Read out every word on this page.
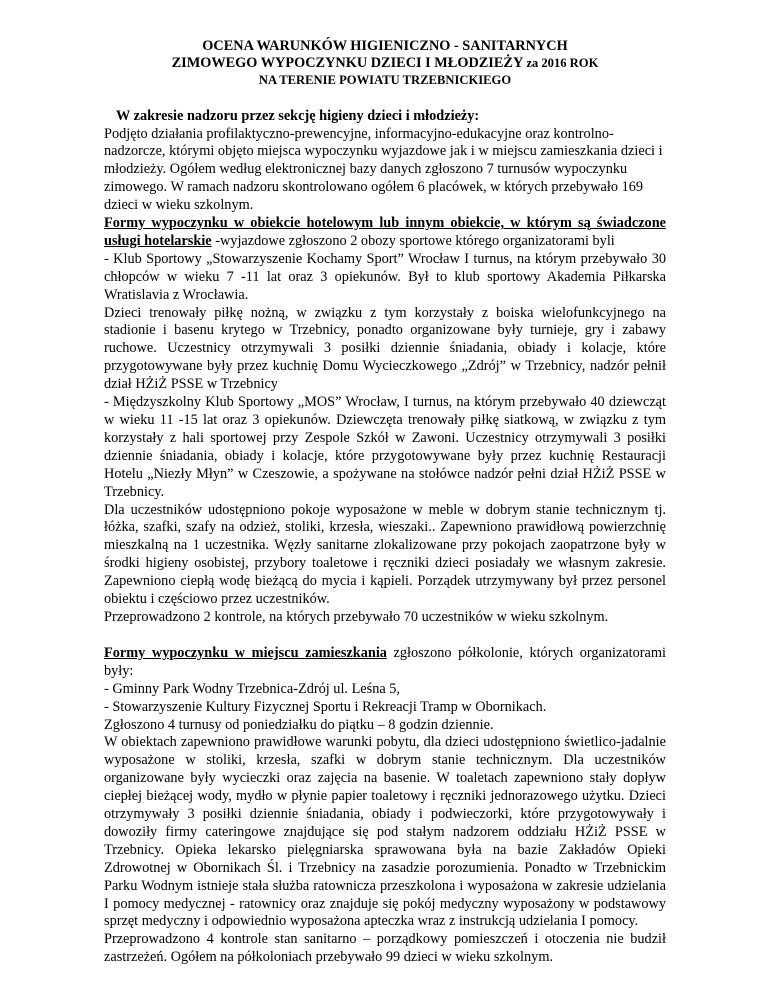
OCENA WARUNKÓW HIGIENICZNO - SANITARNYCH
ZIMOWEGO WYPOCZYNKU DZIECI I MŁODZIEŻY za 2016 ROK
NA TERENIE POWIATU TRZEBNICKIEGO

W zakresie nadzoru przez sekcję higieny dzieci i młodzieży:

Podjęto działania profilaktyczno-prewencyjne, informacyjno-edukacyjne oraz kontrolno-nadzorcze, którymi objęto miejsca wypoczynku wyjazdowe jak i w miejscu zamieszkania dzieci i młodzieży. Ogółem według elektronicznej bazy danych zgłoszono 7 turnusów wypoczynku zimowego. W ramach nadzoru skontrolowano ogółem 6 placówek, w których przebywało 169 dzieci w wieku szkolnym.

Formy wypoczynku w obiekcie hotelowym lub innym obiekcie, w którym są świadczone usługi hotelarskie -wyjazdowe zgłoszono 2 obozy sportowe którego organizatorami byli

- Klub Sportowy „Stowarzyszenie Kochamy Sport” Wrocław I turnus, na którym przebywało 30 chłopców w wieku 7 -11 lat oraz 3 opiekunów. Był to klub sportowy Akademia Piłkarska Wratislavia z Wrocławia.

Dzieci trenowały piłkę nożną, w związku z tym korzystały z boiska wielofunkcyjnego na stadionie i basenu krytego w Trzebnicy, ponadto organizowane były turnieje, gry i zabawy ruchowe. Uczestnicy otrzymywali 3 posiłki dziennie śniadania, obiady i kolacje, które przygotowywane były przez kuchnię Domu Wycieczkowego „Zdrój” w Trzebnicy, nadzór pełnił dział HŻiŻ PSSE w Trzebnicy

- Międzyszkolny Klub Sportowy „MOS” Wrocław, I turnus, na którym przebywało 40 dziewcząt w wieku 11 -15 lat oraz 3 opiekunów. Dziewczęta trenowały piłkę siatkową, w związku z tym korzystały z hali sportowej przy Zespole Szkół w Zawoni. Uczestnicy otrzymywali 3 posiłki dziennie śniadania, obiady i kolacje, które przygotowywane były przez kuchnię Restauracji Hotelu „Niezły Młyn” w Czeszowie, a spożywane na stołówce nadzór pełni dział HŻiŻ PSSE w Trzebnicy.

Dla uczestników udostępniono pokoje wyposażone w meble w dobrym stanie technicznym tj. łóżka, szafki, szafy na odzież, stoliki, krzesła, wieszaki.. Zapewniono prawidłową powierzchnię mieszkalną na 1 uczestnika. Węzły sanitarne zlokalizowane przy pokojach zaopatrzone były w środki higieny osobistej, przybory toaletowe i ręczniki dzieci posiadały we własnym zakresie. Zapewniono ciepłą wodę bieżącą do mycia i kąpieli. Porządek utrzymywany był przez personel obiektu i częściowo przez uczestników.

Przeprowadzono 2 kontrole, na których przebywało 70 uczestników w wieku szkolnym.

Formy wypoczynku w miejscu zamieszkania zgłoszono półkolonie, których organizatorami były:

- Gminny Park Wodny Trzebnica-Zdrój ul. Leśna 5,

- Stowarzyszenie Kultury Fizycznej Sportu i Rekreacji Tramp w Obornikach.

Zgłoszono 4 turnusy od poniedziałku do piątku – 8 godzin dziennie.

W obiektach zapewniono prawidłowe warunki pobytu, dla dzieci udostępniono świetlico-jadalnie wyposażone w stoliki, krzesła, szafki w dobrym stanie technicznym. Dla uczestników organizowane były wycieczki oraz zajęcia na basenie. W toaletach zapewniono stały dopływ ciepłej bieżącej wody, mydło w płynie papier toaletowy i ręczniki jednorazowego użytku. Dzieci otrzymywały 3 posiłki dziennie śniadania, obiady i podwieczorki, które przygotowywały i dowoziły firmy cateringowe znajdujące się pod stałym nadzorem oddziału HŻiŻ PSSE w Trzebnicy. Opieka lekarsko pielęgniarska sprawowana była na bazie Zakładów Opieki Zdrowotnej w Obornikach Śl. i Trzebnicy na zasadzie porozumienia. Ponadto w Trzebnickim Parku Wodnym istnieje stała służba ratownicza przeszkolona i wyposażona w zakresie udzielania I pomocy medycznej - ratownicy oraz znajduje się pokój medyczny wyposażony w podstawowy sprzęt medyczny i odpowiednio wyposażona apteczka wraz z instrukcją udzielania I pomocy.

Przeprowadzono 4 kontrole stan sanitarno – porządkowy pomieszczeń i otoczenia nie budził zastrzeżeń. Ogółem na półkoloniach przebywało 99 dzieci w wieku szkolnym.
